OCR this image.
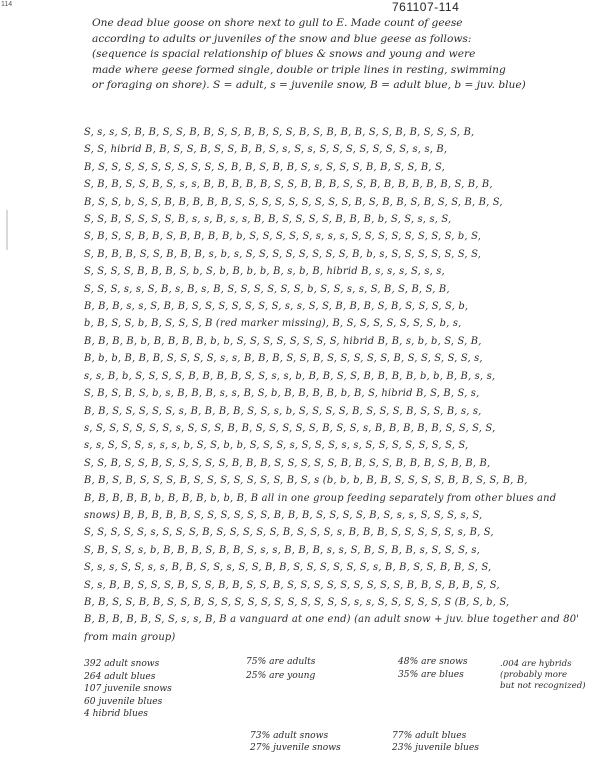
114	761107-114
One dead blue goose on shore next to gull to E. Made count of geese
according to adults or juveniles of the snow and blue geese as follows:
(sequence is spacial relationship of blues & snows and young and were
made where geese formed single, double or triple lines in resting, swimming
or foraging on shore). S = adult, s = juvenile snow, B = adult blue, b = juv. blue)
S, s, s, S, B, B, S, S, B, B, S, S, B, B, S, S, B, S, B, B, B, S, S, B, B, S, S, S, B,
S, S, hibrid B, B, S, S, B, S, S, B, B, S, s, S, s, S, S, S, S, S, S, S, s, s, B,
B, S, S, S, S, S, S, S, S, S, S, B, B, S, B, B, S, s, S, S, S, B, B, S, S, B, S,
S, B, B, S, S, B, S, s, s, B, B, B, B, B, S, S, B, B, B, S, S, B, B, B, B, B, B, S, B, B,
B, S, S, b, S, S, B, B, B, B, B, S, S, S, S, S, S, S, S, S, B, S, B, B, S, B, S, S, B, B, S,
S, S, B, S, S, S, S, B, s, s, B, s, s, B, B, S, S, S, S, B, B, B, b, S, S, s, s, S,
S, B, S, S, B, B, S, B, B, B, B, b, S, S, S, S, S, s, s, s, S, S, S, S, S, S, S, S, b, S,
S, B, B, B, S, S, B, B, B, s, b, s, S, S, S, S, S, S, S, S, B, b, s, S, S, S, S, S, S, S,
S, S, S, S, B, B, B, S, b, S, b, B, b, b, B, s, b, B, hibrid B, s, s, s, S, s, s,
S, S, S, s, s, S, B, s, B, s, B, S, S, S, S, S, S, b, S, S, s, s, S, B, S, B, S, B,
B, B, B, s, s, S, B, B, S, S, S, S, S, S, S, s, s, S, S, B, B, B, S, B, S, S, S, S, b,
b, B, S, S, b, B, S, S, S, B (red marker missing), B, S, S, S, S, S, S, S, b, s,
B, B, B, B, b, B, B, B, B, b, b, S, S, S, S, S, S, S, S, hibrid B, B, s, b, b, S, S, B,
B, b, b, B, B, B, S, S, S, S, s, s, B, B, B, S, S, B, S, S, S, S, S, B, S, S, S, S, S, s,
s, s, B, b, S, S, S, S, B, B, B, B, S, S, s, s, b, B, B, S, S, B, B, B, B, b, b, B, B, s, s,
S, B, S, B, S, b, s, B, B, B, s, s, B, S, b, B, B, B, B, b, B, S, hibrid B, S, B, S, s,
B, B, S, S, S, S, S, s, B, B, B, B, S, S, s, b, S, S, S, S, B, S, S, S, B, S, S, B, s, s,
s, S, S, S, S, S, S, s, S, S, S, B, B, S, S, S, S, S, B, S, S, s, B, B, B, B, B, S, S, S, S,
s, s, S, S, S, s, s, s, b, S, S, b, b, S, S, S, s, S, S, S, s, s, S, S, S, S, S, S, S, S,
S, S, B, S, S, B, S, S, S, S, S, B, B, B, S, S, S, S, S, B, B, S, S, B, B, B, S, B, B, B,
B, B, S, B, S, S, S, B, S, S, S, S, S, S, S, B, S, s (b, b, b, B, B, S, S, S, S, B, B, S, S, B, B,
B, B, B, B, B, b, B, B, B, b, b, B, B all in one group feeding separately from other blues and
snows) B, B, B, B, B, S, S, S, S, S, S, B, B, B, S, S, S, S, B, S, s, s, S, S, S, s, S,
S, S, S, S, S, s, S, S, S, B, S, S, S, S, S, B, S, S, S, s, B, B, B, S, S, S, S, S, s, B, S,
S, B, S, S, s, b, B, B, B, S, B, B, S, s, s, B, B, B, s, s, S, B, S, B, B, s, S, S, S, s,
S, s, s, S, S, s, s, B, B, S, S, s, S, S, B, B, S, S, S, S, S, S, s, B, B, S, S, B, B, S, S,
S, s, B, B, S, S, S, B, S, S, B, B, S, S, B, S, S, S, S, S, S, S, S, S, B, B, S, B, B, S, S,
B, B, S, S, B, B, S, S, B, S, S, S, S, S, S, S, S, S, S, S, s, s, S, S, S, S, S, S (B, S, b, S,
B, B, B, B, B, S, S, s, s, B, B a vanguard at one end) (an adult snow + juv. blue together and 80'
from main group)
392 adult snows
264 adult blues
107 juvenile snows
60 juvenile blues
4 hibrid blues
75% are adults
25% are young
48% are snows
35% are blues
.004 are hybrids
(probably more
but not recognized)
73% adult snows
27% juvenile snows
77% adult blues
23% juvenile blues
